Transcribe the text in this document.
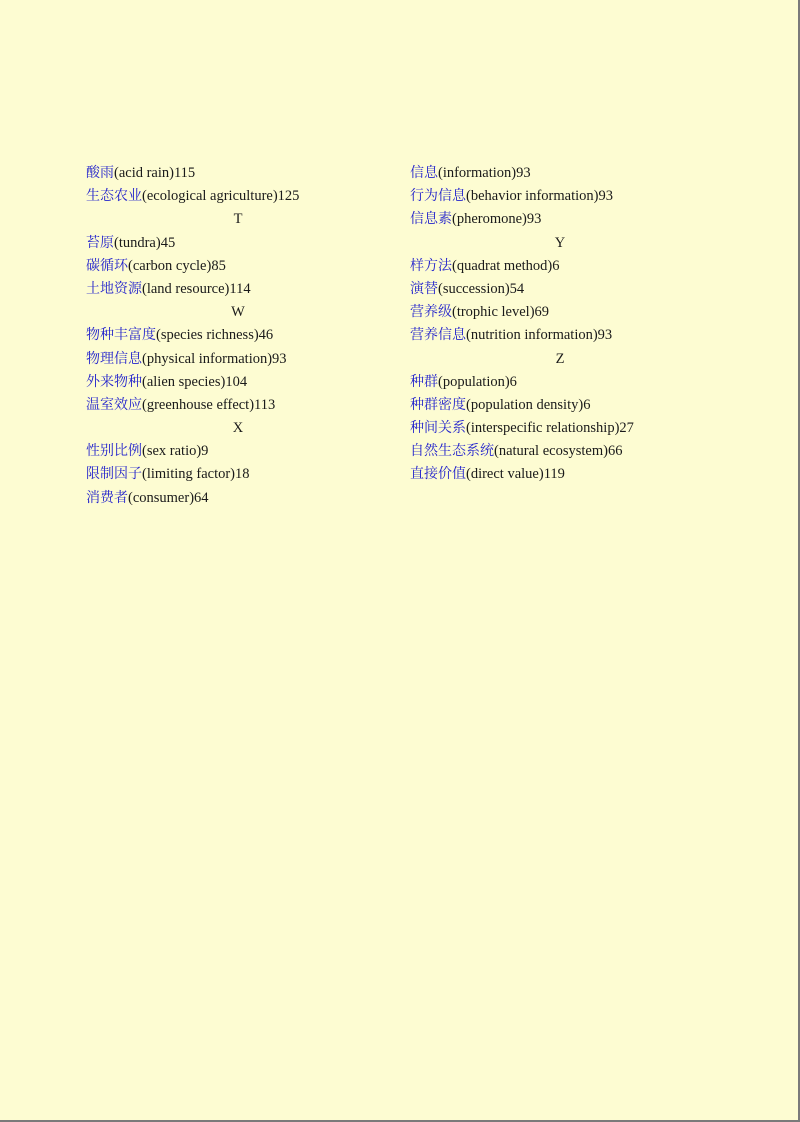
酸雨(acid rain)115
生态农业(ecological agriculture)125
T
苔原(tundra)45
碳循环(carbon cycle)85
土地资源(land resource)114
W
物种丰富度(species richness)46
物理信息(physical information)93
外来物种(alien species)104
温室效应(greenhouse effect)113
X
性别比例(sex ratio)9
限制因子(limiting factor)18
消费者(consumer)64
信息(information)93
行为信息(behavior information)93
信息素(pheromone)93
Y
样方法(quadrat method)6
演替(succession)54
营养级(trophic level)69
营养信息(nutrition information)93
Z
种群(population)6
种群密度(population density)6
种间关系(interspecific relationship)27
自然生态系统(natural ecosystem)66
直接价值(direct value)119
